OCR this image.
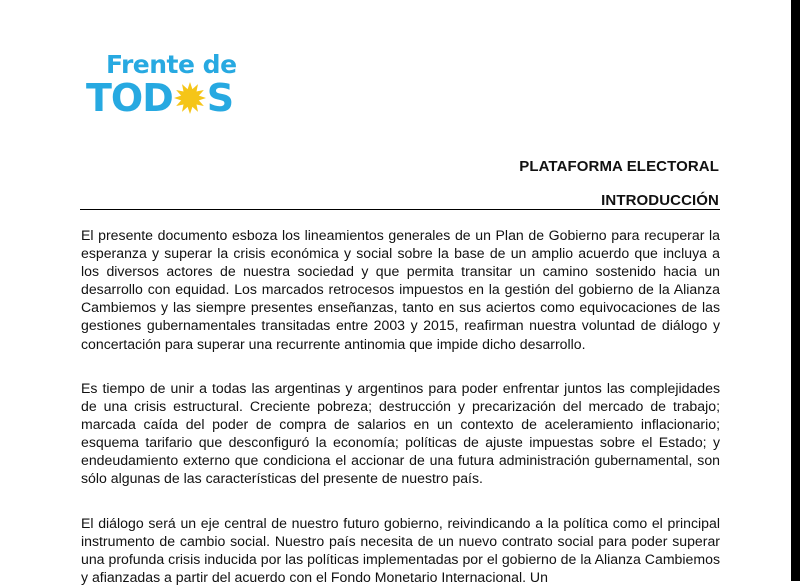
Frente de
TOD S
PLATAFORMA ELECTORAL
INTRODUCCIÓN

El presente documento esboza los lineamientos generales de un Plan de Gobierno para recuperar la esperanza y superar la crisis económica y social sobre la base de un amplio acuerdo que incluya a los diversos actores de nuestra sociedad y que permita transitar un camino sostenido hacia un desarrollo con equidad. Los marcados retrocesos impuestos en la gestión del gobierno de la Alianza Cambiemos y las siempre presentes enseñanzas, tanto en sus aciertos como equivocaciones de las gestiones gubernamentales transitadas entre 2003 y 2015, reafirman nuestra voluntad de diálogo y concertación para superar una recurrente antinomia que impide dicho desarrollo.

Es tiempo de unir a todas las argentinas y argentinos para poder enfrentar juntos las complejidades de una crisis estructural. Creciente pobreza; destrucción y precarización del mercado de trabajo; marcada caída del poder de compra de salarios en un contexto de aceleramiento inflacionario; esquema tarifario que desconfiguró la economía; políticas de ajuste impuestas sobre el Estado; y endeudamiento externo que condiciona el accionar de una futura administración gubernamental, son sólo algunas de las características del presente de nuestro país.

El diálogo será un eje central de nuestro futuro gobierno, reivindicando a la política como el principal instrumento de cambio social. Nuestro país necesita de un nuevo contrato social para poder superar una profunda crisis inducida por las políticas implementadas por el gobierno de la Alianza Cambiemos y afianzadas a partir del acuerdo con el Fondo Monetario Internacional. Un
